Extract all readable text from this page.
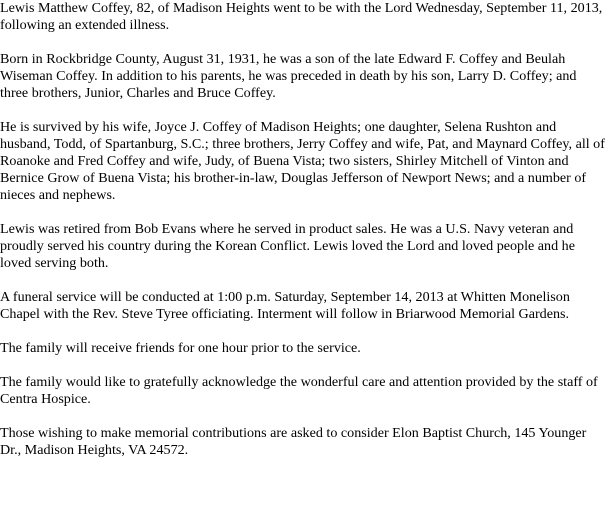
Lewis Matthew Coffey, 82, of Madison Heights went to be with the Lord Wednesday, September 11, 2013, following an extended illness.

Born in Rockbridge County, August 31, 1931, he was a son of the late Edward F. Coffey and Beulah Wiseman Coffey. In addition to his parents, he was preceded in death by his son, Larry D. Coffey; and three brothers, Junior, Charles and Bruce Coffey.

He is survived by his wife, Joyce J. Coffey of Madison Heights; one daughter, Selena Rushton and husband, Todd, of Spartanburg, S.C.; three brothers, Jerry Coffey and wife, Pat, and Maynard Coffey, all of Roanoke and Fred Coffey and wife, Judy, of Buena Vista; two sisters, Shirley Mitchell of Vinton and Bernice Grow of Buena Vista; his brother-in-law, Douglas Jefferson of Newport News; and a number of nieces and nephews.

Lewis was retired from Bob Evans where he served in product sales. He was a U.S. Navy veteran and proudly served his country during the Korean Conflict. Lewis loved the Lord and loved people and he loved serving both.

A funeral service will be conducted at 1:00 p.m. Saturday, September 14, 2013 at Whitten Monelison Chapel with the Rev. Steve Tyree officiating. Interment will follow in Briarwood Memorial Gardens.

The family will receive friends for one hour prior to the service.

The family would like to gratefully acknowledge the wonderful care and attention provided by the staff of Centra Hospice.

Those wishing to make memorial contributions are asked to consider Elon Baptist Church, 145 Younger Dr., Madison Heights, VA 24572.
